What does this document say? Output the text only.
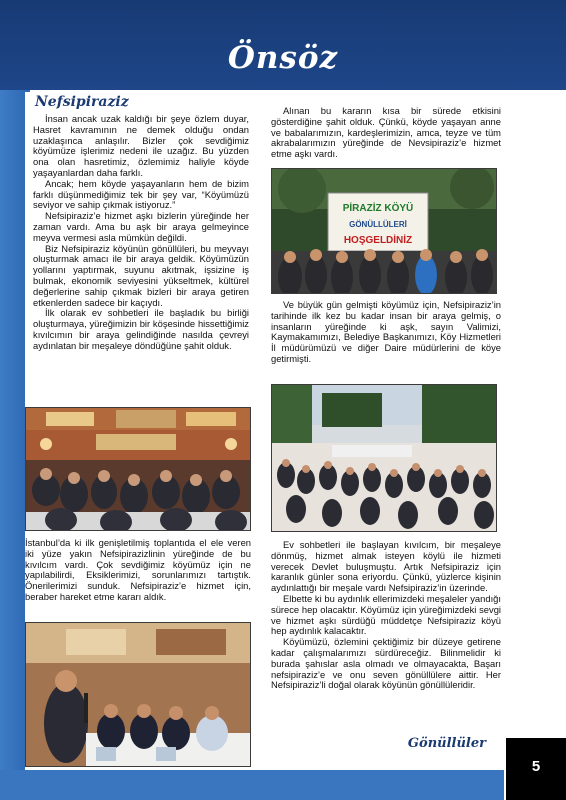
Önsöz
Nefsipiraziz

İnsan ancak uzak kaldığı bir şeye özlem duyar, Hasret kavramının ne demek olduğu ondan uzaklaşınca anlaşılır. Bizler çok sevdiğimiz köyümüze işlerimiz nedeni ile uzağız. Bu yüzden ona olan hasretimiz, özlemimiz haliyle köyde yaşayanlardan daha farklı.

Ancak; hem köyde yaşayanların hem de bizim farklı düşünmediğimiz tek bir şey var, “Köyümüzü seviyor ve sahip çıkmak istiyoruz.”

Nefsipiraziz’e hizmet aşkı bizlerin yüreğinde her zaman vardı. Ama bu aşk bir araya gelmeyince meyva vermesi asla mümkün değildi.

Biz Nefsipiraziz köyünün gönüllüleri, bu meyvayı oluşturmak amacı ile bir araya geldik. Köyümüzün yollarını yaptırmak, suyunu akıtmak, işsizine iş bulmak, ekonomik seviyesini yükseltmek, kültürel değerlerine sahip çıkmak bizleri bir araya getiren etkenlerden sadece bir kaçıydı.

İlk olarak ev sohbetleri ile başladık bu birliği oluşturmaya, yüreğimizin bir köşesinde hissettiğimiz kıvılcımın bir araya gelindiğinde nasılda çevreyi aydınlatan bir meşaleye döndüğüne şahit olduk.

İstanbul’da ki ilk genişletilmiş toplantıda el ele veren iki yüze yakın Nefsipirazizlinin yüreğinde de bu kıvılcım vardı. Çok sevdiğimiz köyümüz için ne yapılabilirdi, Eksiklerimizi, sorunlarımızı tartıştık. Önerilerimizi sunduk. Nefsipiraziz’e hizmet için, beraber hareket etme kararı aldık.

Alınan bu kararın kısa bir sürede etkisini gösterdiğine şahit olduk. Çünkü, köyde yaşayan anne ve babalarımızın, kardeşlerimizin, amca, teyze ve tüm akrabalarımızın yüreğinde de Nevsipiraziz’e hizmet etme aşkı vardı.

PİRAZİZ KÖYÜ
GÖNÜLLÜLERİ
HOŞGELDİNİZ

Ve büyük gün gelmişti köyümüz için, Nefsipiraziz’in tarihinde ilk kez bu kadar insan bir araya gelmiş, o insanların yüreğinde ki aşk, sayın Valimizi, Kaymakamımızı, Belediye Başkanımızı, Köy Hizmetleri İl müdürümüzü ve diğer Daire müdürlerini de köye getirmişti.

Ev sohbetleri ile başlayan kıvılcım, bir meşaleye dönmüş, hizmet almak isteyen köylü ile hizmeti verecek Devlet buluşmuştu. Artık Nefsipiraziz için karanlık günler sona eriyordu. Çünkü, yüzlerce kişinin aydınlattığı bir meşale vardı Nefsipiraziz’in üzerinde.

Elbette ki bu aydınlık ellerimizdeki meşaleler yandığı sürece hep olacaktır. Köyümüz için yüreğimizdeki sevgi ve hizmet aşkı sürdüğü müddetçe Nefsipiraziz köyü hep aydınlık kalacaktır.

Köyümüzü, özlemini çektiğimiz bir düzeye getirene kadar çalışmalarımızı sürdüreceğiz. Bilinmelidir ki burada şahıslar asla olmadı ve olmayacakta, Başarı nefsipiraziz’e ve onu seven gönüllülere aittir. Her Nefsipiraziz’li doğal olarak köyünün gönüllüleridir.

Gönüllüler
5
